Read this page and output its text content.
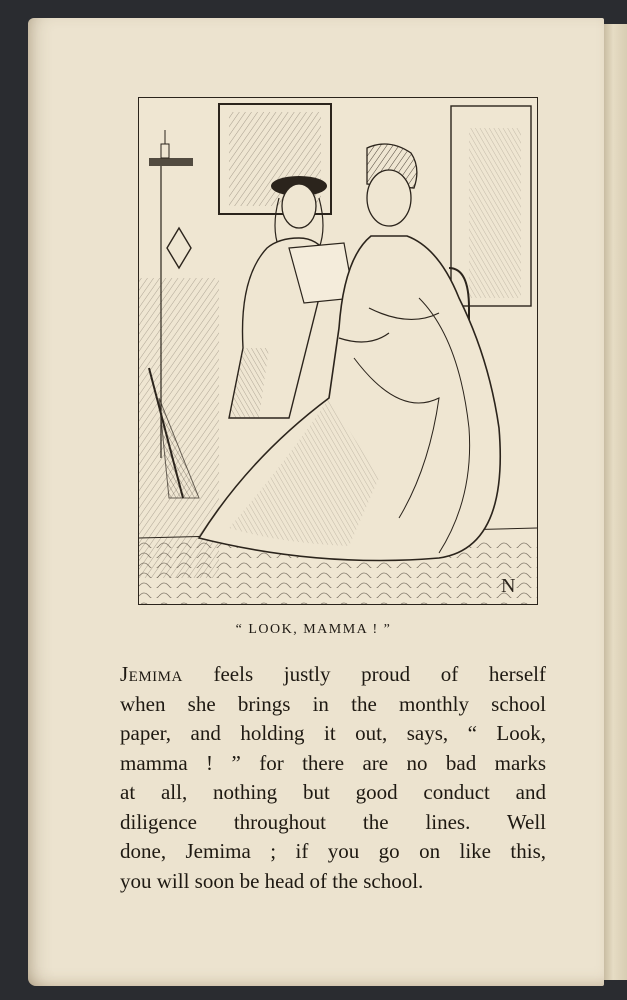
N
“ LOOK, MAMMA ! ”
Jemima feels justly proud of herself
when she brings in the monthly school
paper, and holding it out, says, “ Look,
mamma ! ” for there are no bad marks
at all, nothing but good conduct and
diligence throughout the lines. Well
done, Jemima ; if you go on like this,
you will soon be head of the school.
